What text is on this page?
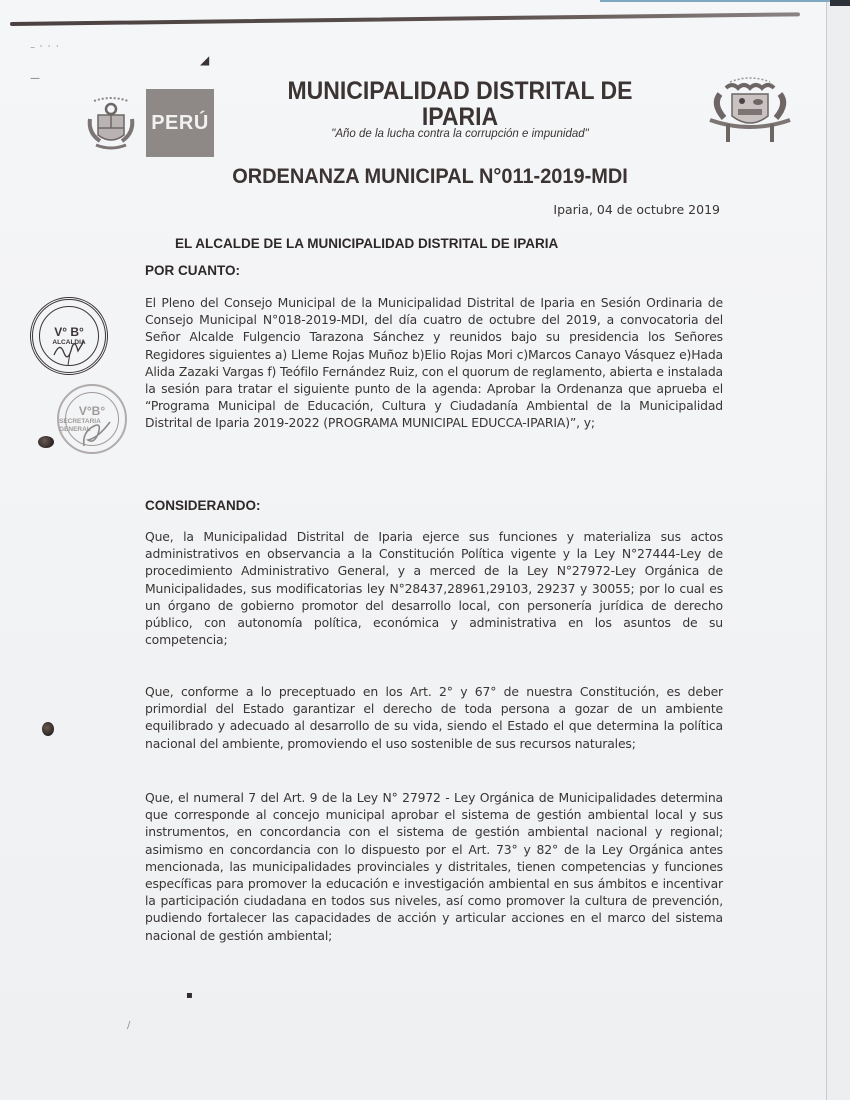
⁻ ˙ ˙ ˙
◢
—
PERÚ
MUNICIPALIDAD DISTRITAL DE
IPARIA
"Año de la lucha contra la corrupción e impunidad"
ORDENANZA MUNICIPAL N°011-2019-MDI
Iparia, 04 de octubre 2019
EL ALCALDE DE LA MUNICIPALIDAD DISTRITAL DE IPARIA
POR CUANTO:
El Pleno del Consejo Municipal de la Municipalidad Distrital de Iparia en Sesión Ordinaria de Consejo Municipal N°018-2019-MDI, del día cuatro de octubre del 2019, a convocatoria del Señor Alcalde Fulgencio Tarazona Sánchez y reunidos bajo su presidencia los Señores Regidores siguientes a) Lleme Rojas Muñoz b)Elio Rojas Mori c)Marcos Canayo Vásquez e)Hada Alida Zazaki Vargas f) Teófilo Fernández Ruiz, con el quorum de reglamento, abierta e instalada la sesión para tratar el siguiente punto de la agenda: Aprobar la Ordenanza que aprueba el “Programa Municipal de Educación, Cultura y Ciudadanía Ambiental de la Municipalidad Distrital de Iparia 2019-2022 (PROGRAMA MUNICIPAL EDUCCA-IPARIA)”, y;
CONSIDERANDO:
Que, la Municipalidad Distrital de Iparia ejerce sus funciones y materializa sus actos administrativos en observancia a la Constitución Política vigente y la Ley N°27444-Ley de procedimiento Administrativo General, y a merced de la Ley N°27972-Ley Orgánica de Municipalidades, sus modificatorias ley N°28437,28961,29103, 29237 y 30055; por lo cual es un órgano de gobierno promotor del desarrollo local, con personería jurídica de derecho público, con autonomía política, económica y administrativa en los asuntos de su competencia;
Que, conforme a lo preceptuado en los Art. 2° y 67° de nuestra Constitución, es deber primordial del Estado garantizar el derecho de toda persona a gozar de un ambiente equilibrado y adecuado al desarrollo de su vida, siendo el Estado el que determina la política nacional del ambiente, promoviendo el uso sostenible de sus recursos naturales;
Que, el numeral 7 del Art. 9 de la Ley N° 27972 - Ley Orgánica de Municipalidades determina que corresponde al concejo municipal aprobar el sistema de gestión ambiental local y sus instrumentos, en concordancia con el sistema de gestión ambiental nacional y regional; asimismo en concordancia con lo dispuesto por el Art. 73° y 82° de la Ley Orgánica antes mencionada, las municipalidades provinciales y distritales, tienen competencias y funciones específicas para promover la educación e investigación ambiental en sus ámbitos e incentivar la participación ciudadana en todos sus niveles, así como promover la cultura de prevención, pudiendo fortalecer las capacidades de acción y articular acciones en el marco del sistema nacional de gestión ambiental;
V° B°
ALCALDIA
V°B°
SECRETARIA GENERAL
▪
/
